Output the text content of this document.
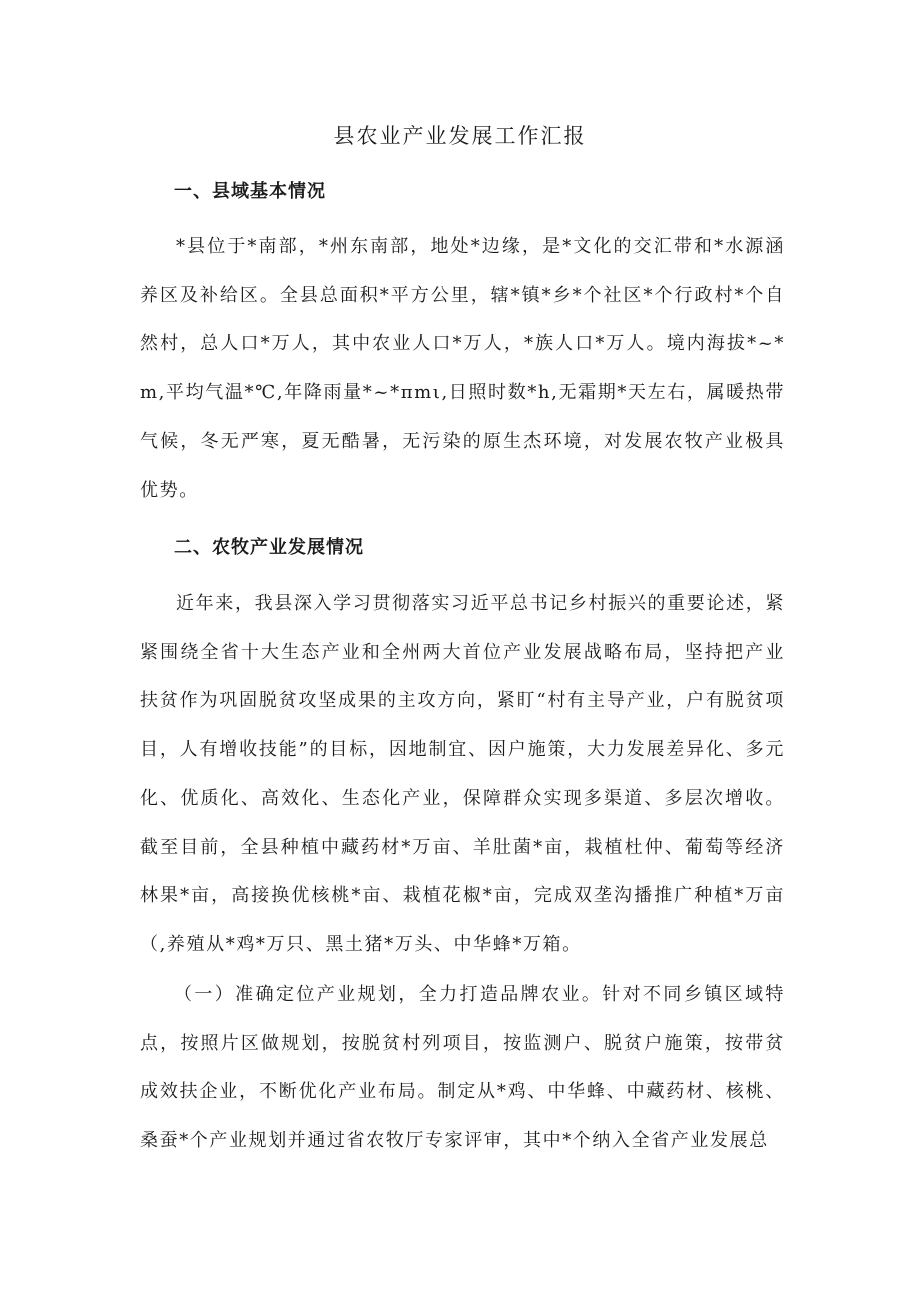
县农业产业发展工作汇报
一、县域基本情况

*县位于*南部，*州东南部，地处*边缘，是*文化的交汇带和*水源涵养区及补给区。全县总面积*平方公里，辖*镇*乡*个社区*个行政村*个自然村，总人口*万人，其中农业人口*万人，*族人口*万人。境内海拔*~*m,平均气温*℃,年降雨量*~*πmι,日照时数*h,无霜期*天左右，属暖热带气候，冬无严寒，夏无酷暑，无污染的原生杰环境，对发展农牧产业极具优势。

二、农牧产业发展情况

近年来，我县深入学习贯彻落实习近平总书记乡村振兴的重要论述，紧紧围绕全省十大生态产业和全州两大首位产业发展战略布局，坚持把产业扶贫作为巩固脱贫攻坚成果的主攻方向，紧盯“村有主导产业，户有脱贫项目，人有增收技能”的目标，因地制宜、因户施策，大力发展差异化、多元化、优质化、高效化、生态化产业，保障群众实现多渠道、多层次增收。截至目前，全县种植中藏药材*万亩、羊肚菌*亩，栽植杜仲、葡萄等经济林果*亩，高接换优核桃*亩、栽植花椒*亩，完成双垄沟播推广种植*万亩（,养殖从*鸡*万只、黑土猪*万头、中华蜂*万箱。

（一）准确定位产业规划，全力打造品牌农业。针对不同乡镇区域特点，按照片区做规划，按脱贫村列项目，按监测户、脱贫户施策，按带贫成效扶企业，不断优化产业布局。制定从*鸡、中华蜂、中藏药材、核桃、桑蚕*个产业规划并通过省农牧厅专家评审，其中*个纳入全省产业发展总
